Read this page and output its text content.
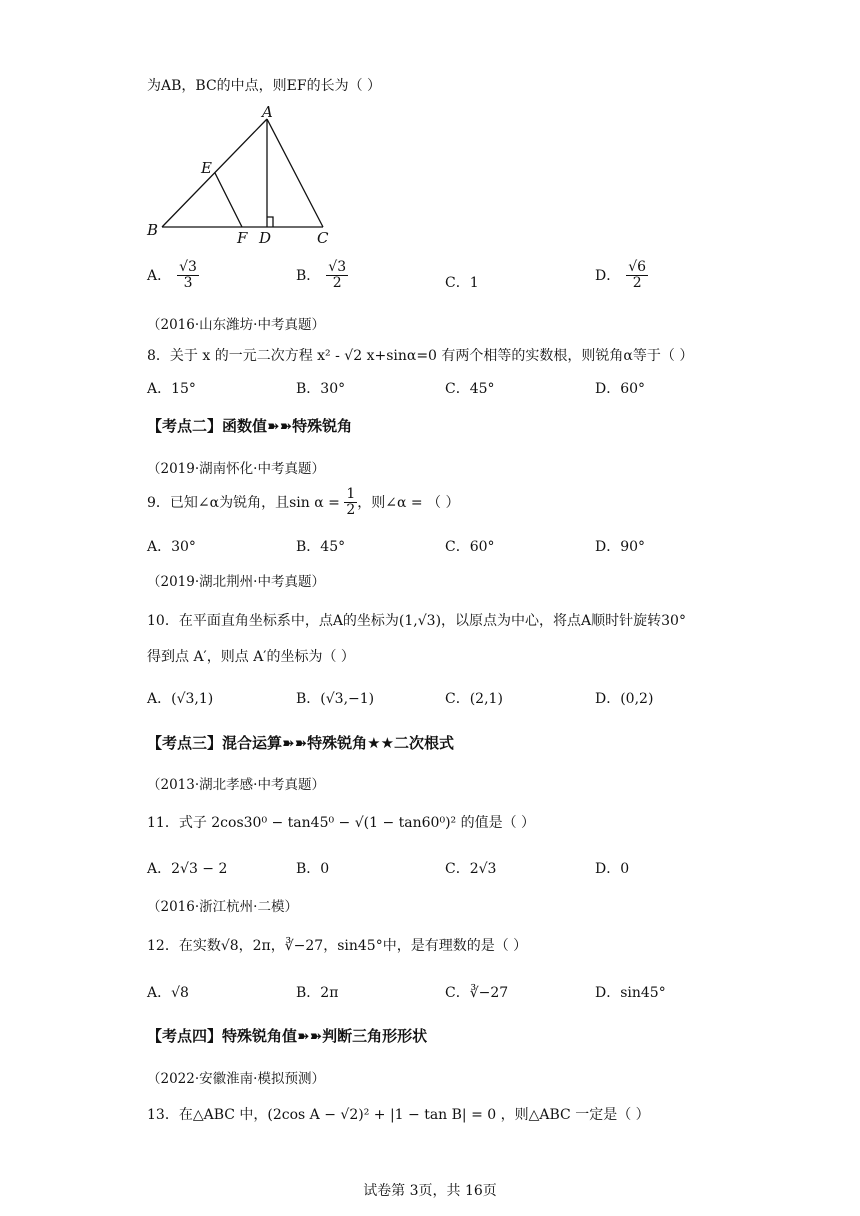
为AB，BC的中点，则EF的长为（ ）
A
B	C
D
E
F
A． $\frac{√3}{3}$	B． $\frac{√3}{2}$	C．1	D． $\frac{√6}{2}$
（2016·山东潍坊·中考真题）
8．关于 x 的一元二次方程 x² - √2 x+sinα=0 有两个相等的实数根，则锐角α等于（ ）
A．15°	B．30°	C．45°	D．60°
【考点二】函数值➽➽特殊锐角
（2019·湖南怀化·中考真题）
9．已知∠α为锐角，且$\sin \alpha = \frac{1}{2}$ ，则∠α = （ ）
A．30°	B．45°	C．60°	D．90°
（2019·湖北荆州·中考真题）
10．在平面直角坐标系中，点A的坐标为(1,√3)，以原点为中心，将点A顺时针旋转30°
得到点 A′，则点 A′的坐标为（ ）
A．(√3,1)	B．(√3,−1)	C．(2,1)	D．(0,2)
【考点三】混合运算➽➽特殊锐角★★二次根式
（2013·湖北孝感·中考真题）
11．式子 2cos30⁰ − tan45⁰ − √(1 − tan60⁰)² 的值是（ ）
A．2√3 − 2	B．0	C．2√3	D．0
（2016·浙江杭州·二模）
12．在实数√8，2π，∛−27，sin45°中，是有理数的是（ ）
A．√8	B．2π	C．∛−27	D．sin45°
【考点四】特殊锐角值➽➽判断三角形形状
（2022·安徽淮南·模拟预测）
13．在△ABC 中，(2cos A − √2)² + |1 − tan B| = 0 ，则△ABC 一定是（ ）
试卷第 3页，共 16页
